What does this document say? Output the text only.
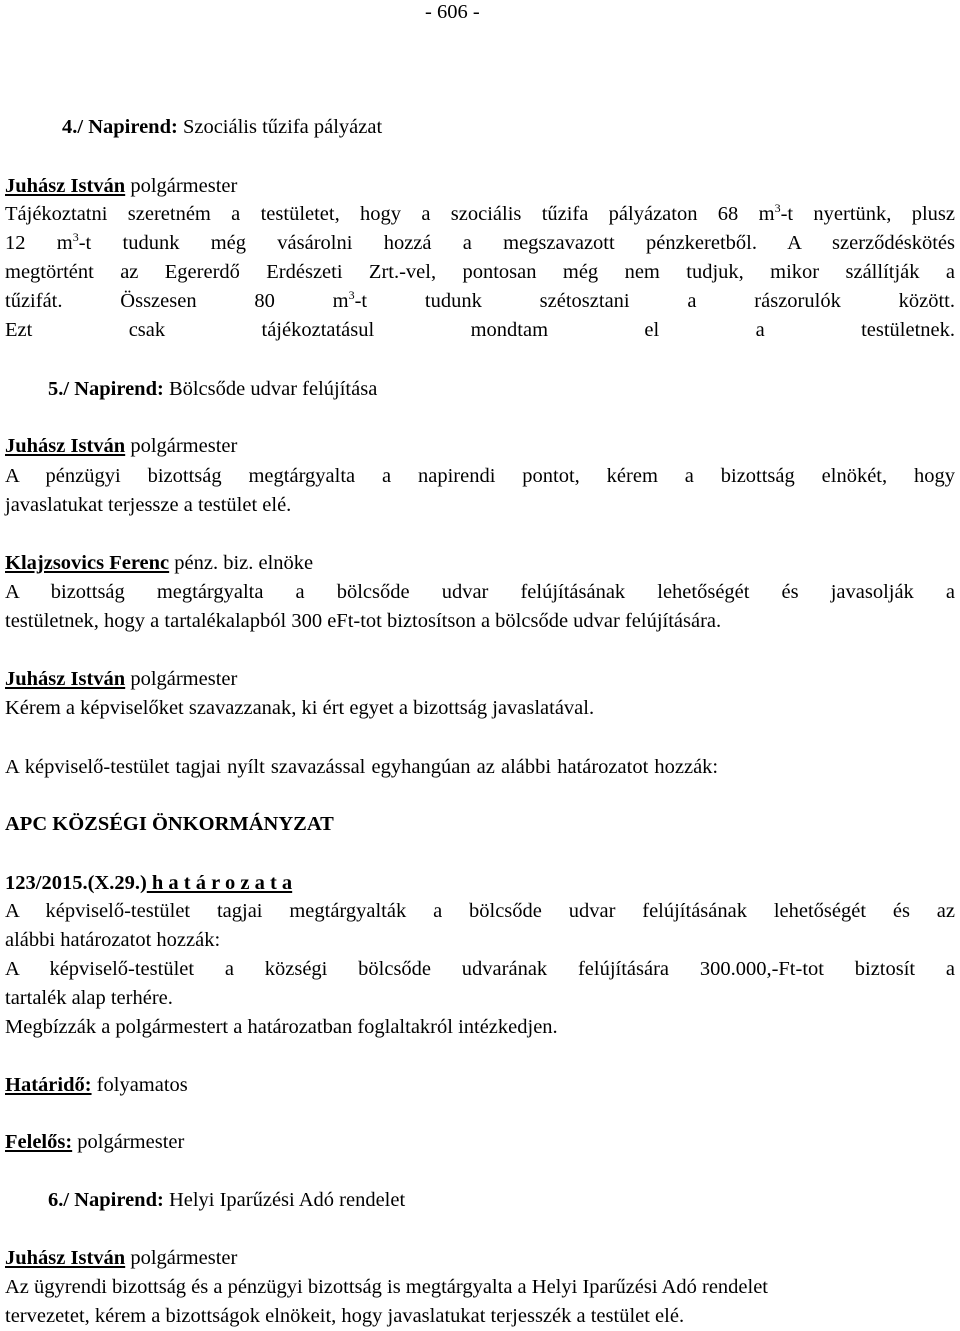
- 606 -
4./ Napirend: Szociális tűzifa pályázat
Juhász István polgármester
Tájékoztatni szeretném a testületet, hogy a szociális tűzifa pályázaton 68 $m^3-t$ nyertünk, plusz
12 $m^3-t$ tudunk még vásárolni hozzá a megszavazott pénzkeretből. A szerződéskötés
megtörtént az Egererdő Erdészeti Zrt.-vel, pontosan még nem tudjuk, mikor szállítják a
tűzifát. Összesen 80 $m^3-t$ tudunk szétosztani a rászorulók között.
Ezt csak tájékoztatásul mondtam el a testületnek.
5./ Napirend: Bölcsőde udvar felújítása
Juhász István polgármester
A pénzügyi bizottság megtárgyalta a napirendi pontot, kérem a bizottság elnökét, hogy
javaslatukat terjessze a testület elé.
Klajzsovics Ferenc pénz. biz. elnöke
A bizottság megtárgyalta a bölcsőde udvar felújításának lehetőségét és javasolják a
testületnek, hogy a tartalékalapból 300 eFt-tot biztosítson a bölcsőde udvar felújítására.
Juhász István polgármester
Kérem a képviselőket szavazzanak, ki ért egyet a bizottság javaslatával.
A képviselő-testület tagjai nyílt szavazással egyhangúan az alábbi határozatot hozzák:
APC KÖZSÉGI ÖNKORMÁNYZAT
123/2015.(X.29.) h a t á r o z a t a
A képviselő-testület tagjai megtárgyalták a bölcsőde udvar felújításának lehetőségét és az
alábbi határozatot hozzák:
A képviselő-testület a községi bölcsőde udvarának felújítására 300.000,-Ft-tot biztosít a
tartalék alap terhére.
Megbízzák a polgármestert a határozatban foglaltakról intézkedjen.
Határidő: folyamatos
Felelős: polgármester
6./ Napirend: Helyi Iparűzési Adó rendelet
Juhász István polgármester
Az ügyrendi bizottság és a pénzügyi bizottság is megtárgyalta a Helyi Iparűzési Adó rendelet
tervezetet, kérem a bizottságok elnökeit, hogy javaslatukat terjesszék a testület elé.
